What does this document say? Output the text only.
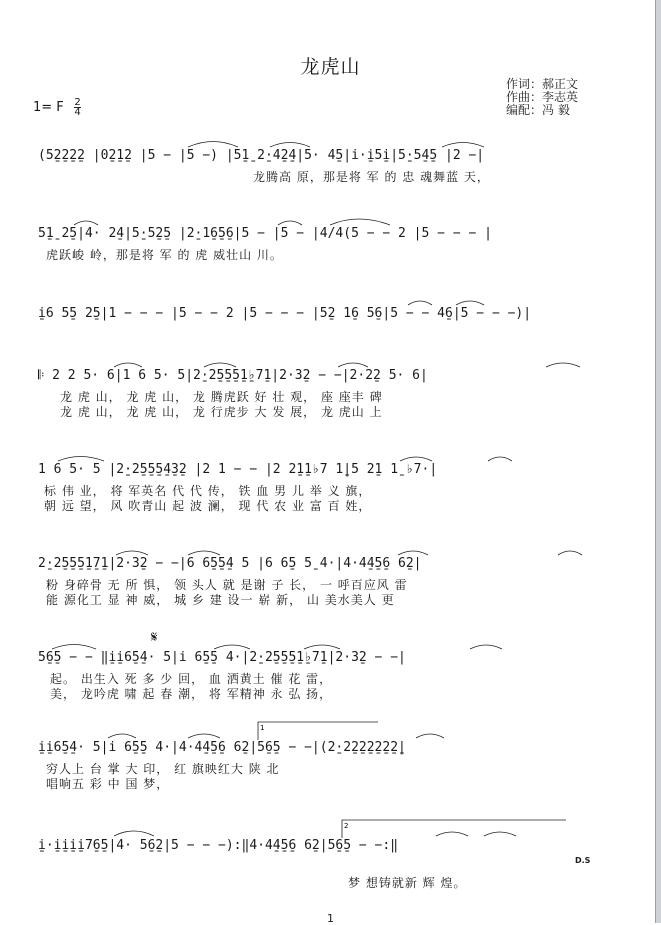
龙虎山
作词：郝正文
作曲：李志英
编配：冯 毅
1= F 2
4
(5̱2̱2̱2̱2 |0̱2̱1̱2 |5 − |5 −) |5̱1̱ 2̱·4̱2̱4|5· 4̱5|i·i̱5̱i|5̱·5̱4̱5 |2 −|
龙腾高 原，那是将 军 的 忠 魂舞蓝 天，
5̱1̱ 2̱5|4· 2̱4|5̱·5̱2̱5 |2̱·1̱6̱5̱6|5 − |5 − |4/4(5 − − 2 |5 − − − |
虎跃峻 岭，那是将 军 的 虎 威壮山 川。
i̱6 5̱5 2̱5|1 − − − |5 − − 2 |5 − − − |5̱2 1̱6 5̱6|5 − − 4̱6|5 − − −)|
𝄆 2 2 5· 6|1 6 5· 5|2̱·2̱5̱5̱5̱1̱♭7̱1|2·3̱2 − −|2·2̱2 5· 6|
龙 虎 山， 龙 虎 山， 龙 腾虎跃 好 壮 观， 座 座丰 碑
龙 虎 山， 龙 虎 山， 龙 行虎步 大 发 展， 龙 虎山 上
1 6 5· 5 |2̱·2̱5̱5̱5̱4̱3̱2 |2 1 − − |2 2̱1̱1♭7 1̱|5 2̱1 1̱ ♭7·|
标 伟 业， 将 军英名 代 代 传， 铁 血 男 儿 举 义 旗，
朝 远 望， 风 吹青山 起 波 澜， 现 代 农 业 富 百 姓，
2̱·2̱5̱5̱5̱1̱7̱1|2·3̱2 − −|6 6̱5̱5̱4 5 |6 6̱5 5̱ 4·|4·4̱4̱5̱6 6̱2|
粉 身碎骨 无 所 惧， 领 头人 就 是谢 子 长， 一 呼百应风 雷
能 源化工 显 神 威， 城 乡 建 设一 崭 新， 山 美水美人 更
𝄋
5̱6̱5 − − ‖i̱i̱6̱5̱4· 5|i 6̱5̱5 4·|2̱·2̱5̱5̱5̱1̱♭7̱1|2·3̱2 − −|
起。 出生入 死 多 少 回， 血 洒黄土 催 花 雷，
美， 龙吟虎 啸 起 春 潮， 将 军精神 永 弘 扬，
1
i̱i̱6̱5̱4· 5|i 6̱5̱5 4·|4·4̱4̱5̱6 6̱2|5̱6̱5 − −|(2̱·2̱2̱2̱2̱2̱2̱2̱|
穷人上 台 掌 大 印， 红 旗映红大 陕 北
唱响五 彩 中 国 梦，
2
i̱·i̱i̱i̱i̱7̱6̱5|4· 5̱6̱2|5 − − −):‖4·4̱4̱5̱6 6̱2|5̱6̱5 − −:‖
梦 想铸就新 辉 煌。
D.S
1
